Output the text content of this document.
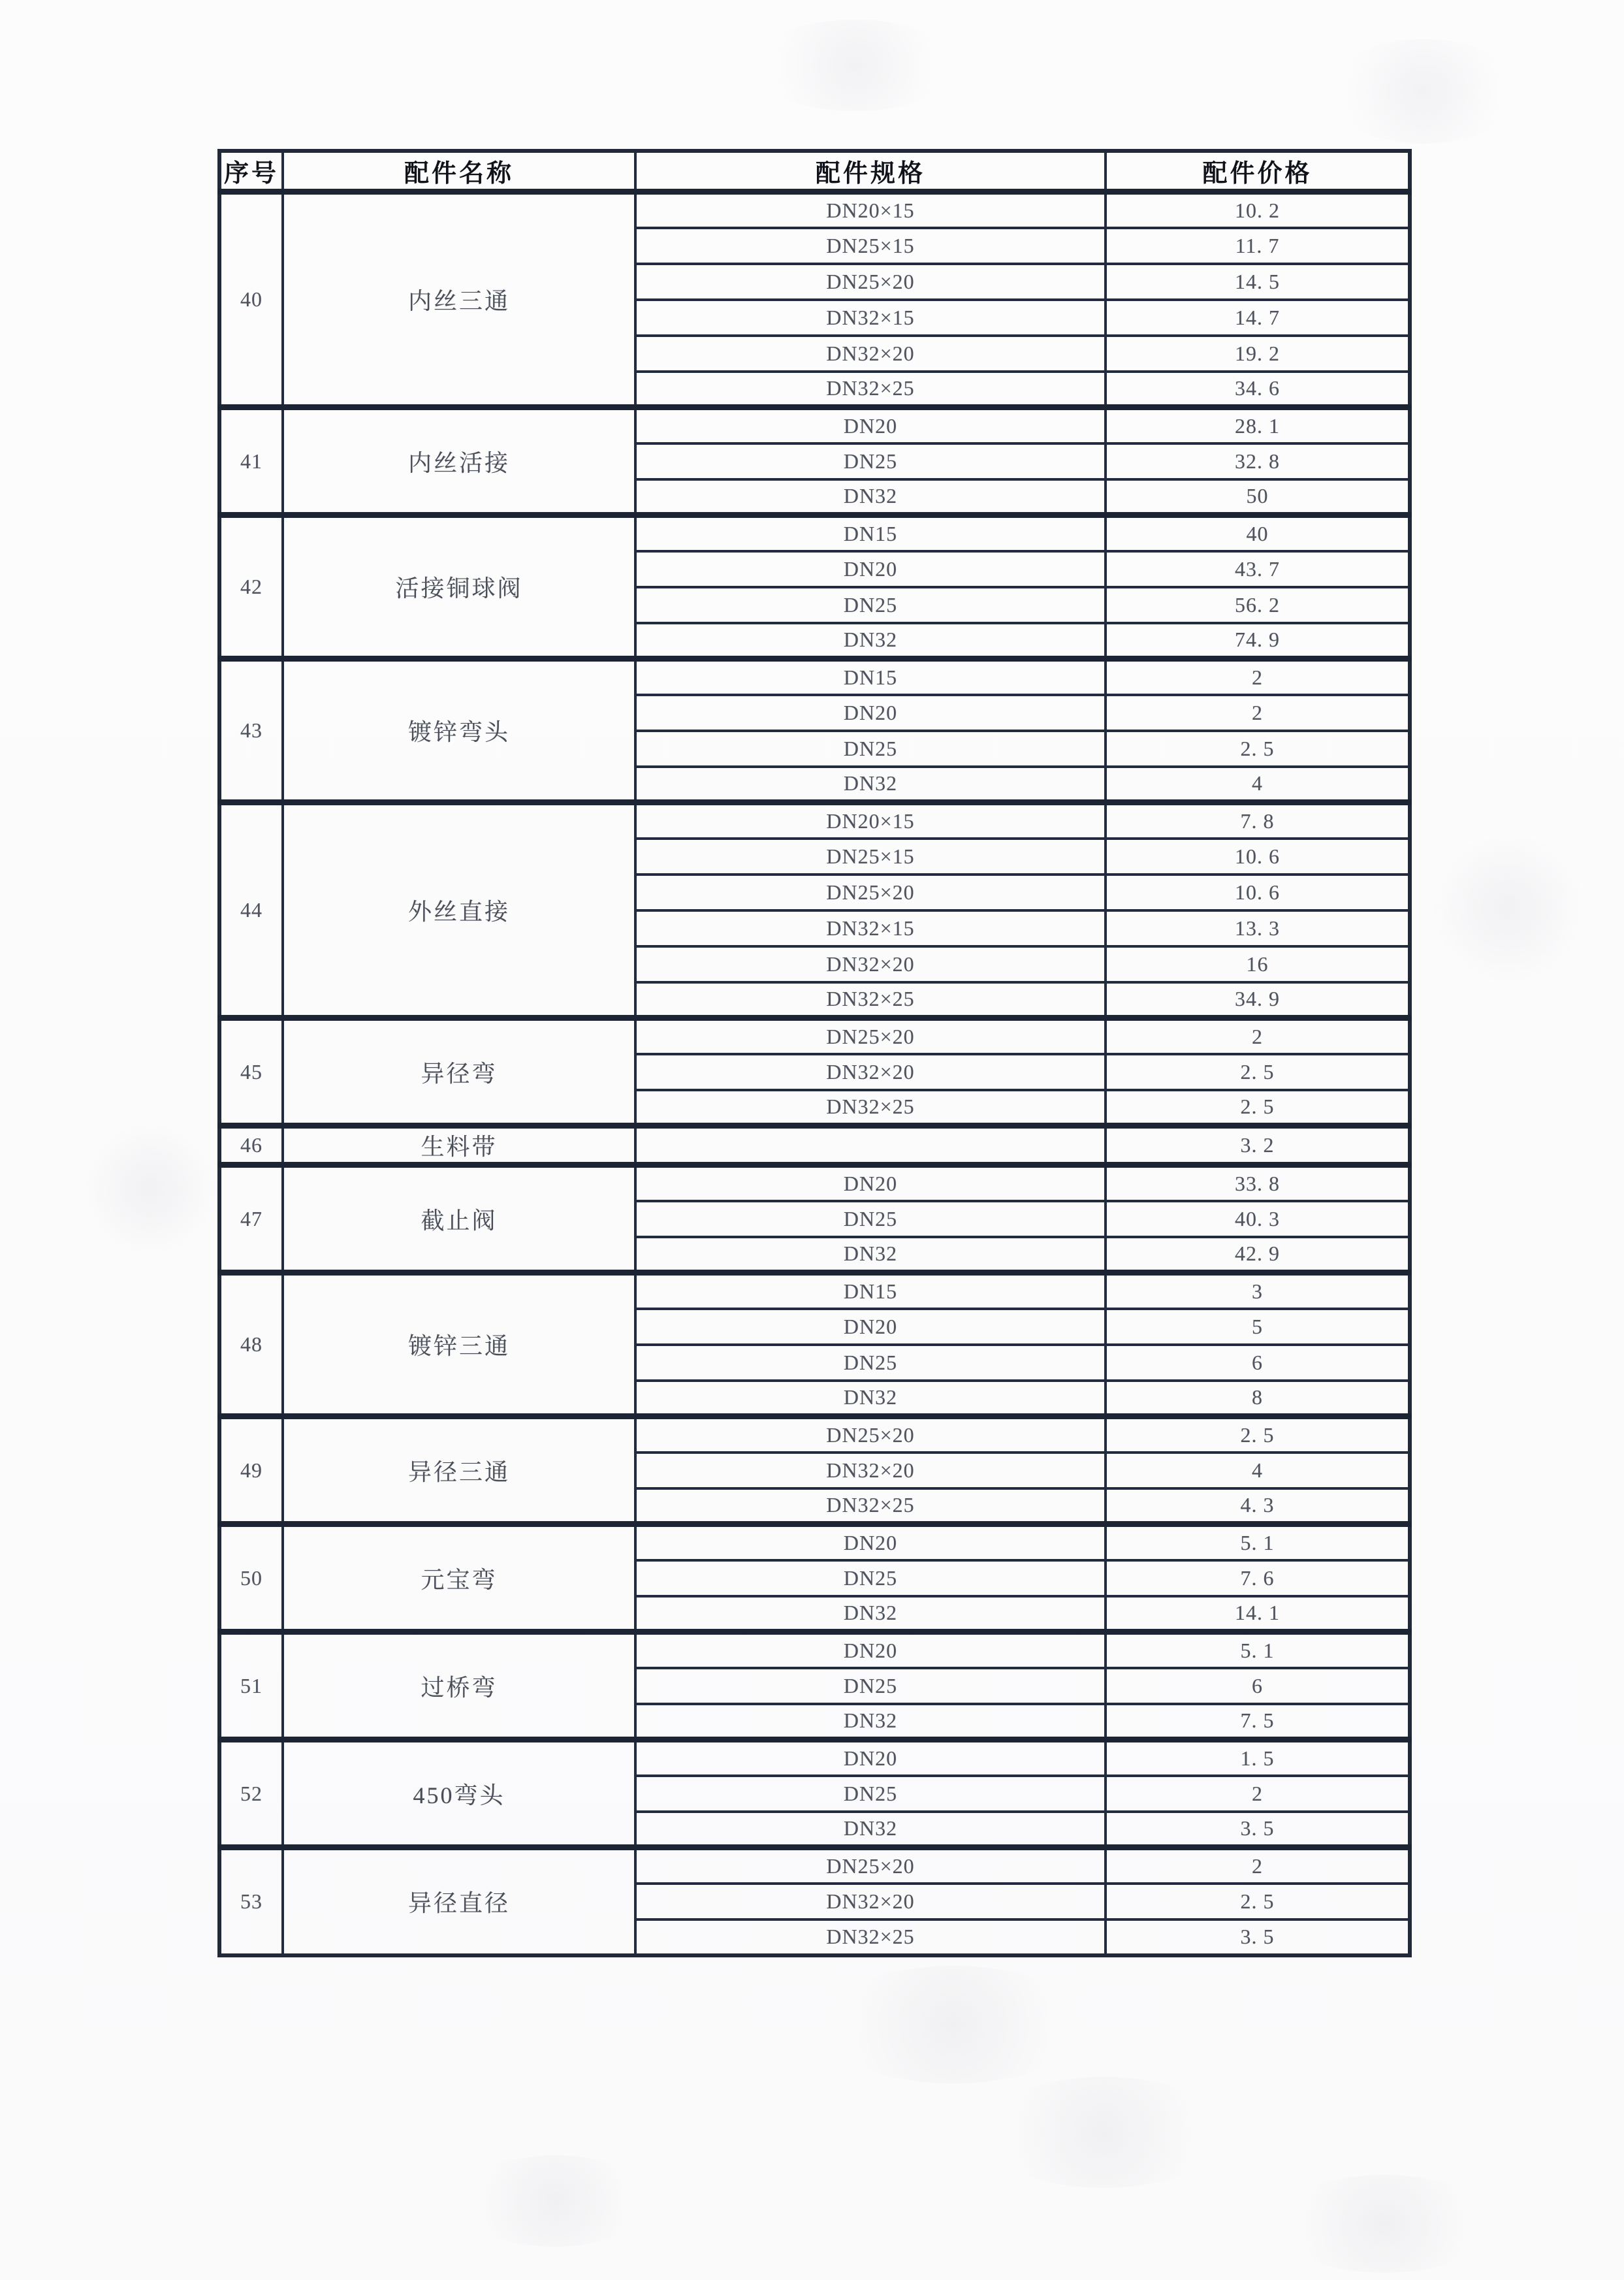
序号	配件名称	配件规格	配件价格
40	内丝三通	DN20×15	10. 2
		DN25×15	11. 7
		DN25×20	14. 5
		DN32×15	14. 7
		DN32×20	19. 2
		DN32×25	34. 6
41	内丝活接	DN20	28. 1
		DN25	32. 8
		DN32	50
42	活接铜球阀	DN15	40
		DN20	43. 7
		DN25	56. 2
		DN32	74. 9
43	镀锌弯头	DN15	2
		DN20	2
		DN25	2. 5
		DN32	4
44	外丝直接	DN20×15	7. 8
		DN25×15	10. 6
		DN25×20	10. 6
		DN32×15	13. 3
		DN32×20	16
		DN32×25	34. 9
45	异径弯	DN25×20	2
		DN32×20	2. 5
		DN32×25	2. 5
46	生料带		3. 2
47	截止阀	DN20	33. 8
		DN25	40. 3
		DN32	42. 9
48	镀锌三通	DN15	3
		DN20	5
		DN25	6
		DN32	8
49	异径三通	DN25×20	2. 5
		DN32×20	4
		DN32×25	4. 3
50	元宝弯	DN20	5. 1
		DN25	7. 6
		DN32	14. 1
51	过桥弯	DN20	5. 1
		DN25	6
		DN32	7. 5
52	450弯头	DN20	1. 5
		DN25	2
		DN32	3. 5
53	异径直径	DN25×20	2
		DN32×20	2. 5
		DN32×25	3. 5
